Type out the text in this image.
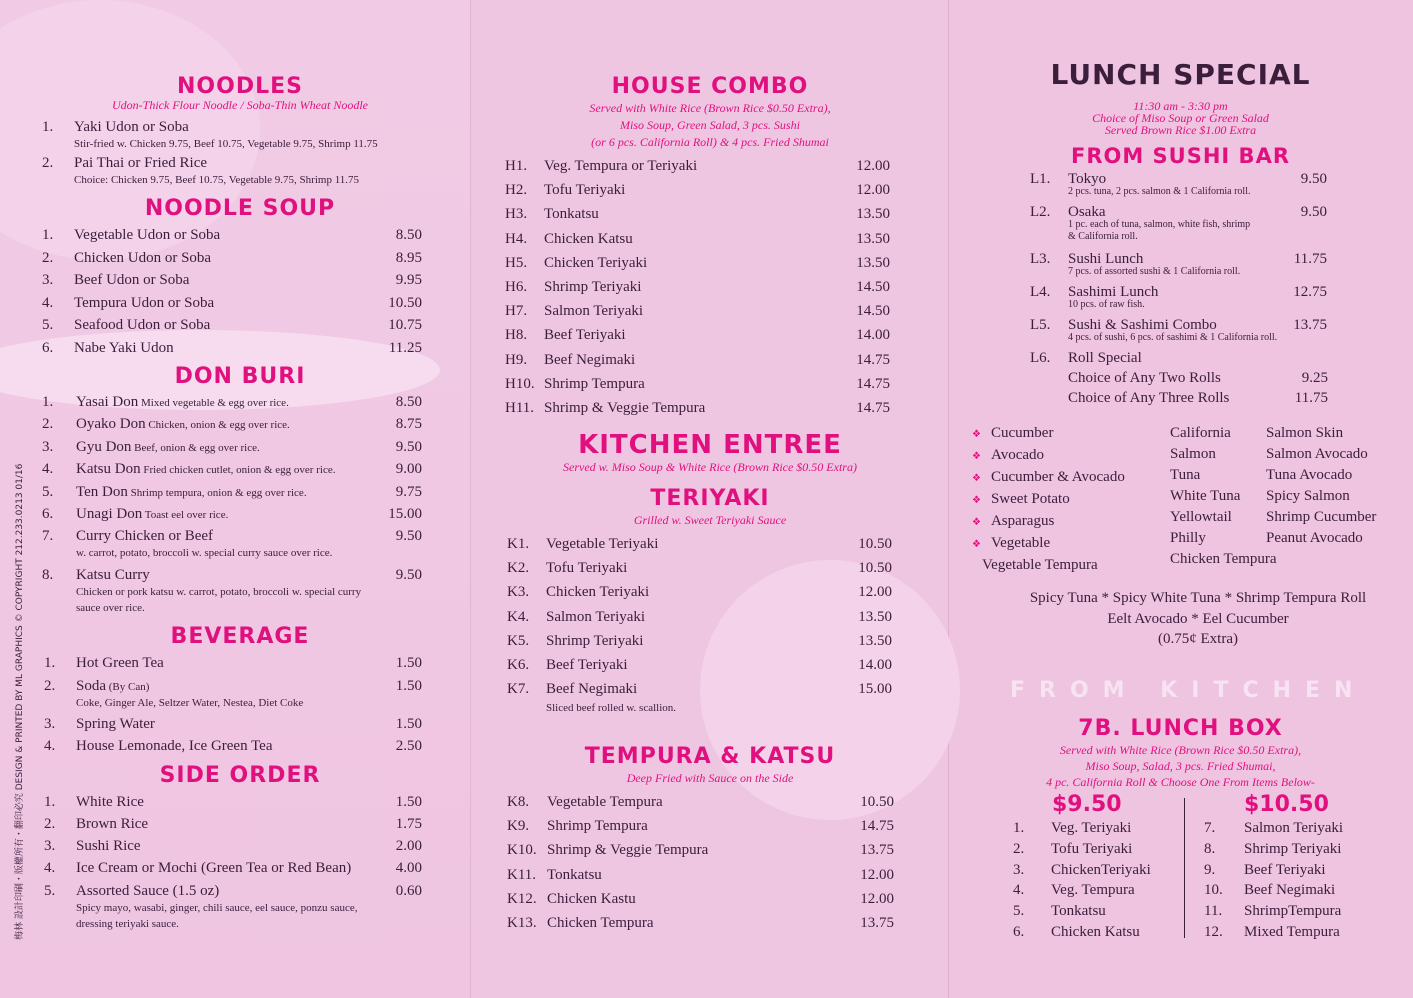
梅林 設計印刷・版權所有・翻印必究 DESIGN & PRINTED BY ML GRAPHICS © COPYRIGHT 212.233.0213 01/16
NOODLES
Udon-Thick Flour Noodle / Soba-Thin Wheat Noodle
1. Yaki Udon or Soba
Stir-fried w. Chicken 9.75, Beef 10.75, Vegetable 9.75, Shrimp 11.75
2. Pai Thai or Fried Rice
Choice: Chicken 9.75, Beef 10.75, Vegetable 9.75, Shrimp 11.75
NOODLE SOUP
1. Vegetable Udon or Soba	8.50
2. Chicken Udon or Soba	8.95
3. Beef Udon or Soba	9.95
4. Tempura Udon or Soba	10.50
5. Seafood Udon or Soba	10.75
6. Nabe Yaki Udon	11.25
DON BURI
1. Yasai Don Mixed vegetable & egg over rice.	8.50
2. Oyako Don Chicken, onion & egg over rice.	8.75
3. Gyu Don Beef, onion & egg over rice.	9.50
4. Katsu Don Fried chicken cutlet, onion & egg over rice.	9.00
5. Ten Don Shrimp tempura, onion & egg over rice.	9.75
6. Unagi Don Toast eel over rice.	15.00
7. Curry Chicken or Beef	9.50
8. Katsu Curry	9.50
w. carrot, potato, broccoli w. special curry sauce over rice.
Chicken or pork katsu w. carrot, potato, broccoli w. special curry
sauce over rice.
BEVERAGE
1. Hot Green Tea	1.50
2. Soda (By Can)	1.50
3. Spring Water	1.50
4. House Lemonade, Ice Green Tea	2.50
Coke, Ginger Ale, Seltzer Water, Nestea, Diet Coke
SIDE ORDER
1. White Rice	1.50
2. Brown Rice	1.75
3. Sushi Rice	2.00
4. Ice Cream or Mochi (Green Tea or Red Bean)	4.00
5. Assorted Sauce (1.5 oz)	0.60
Spicy mayo, wasabi, ginger, chili sauce, eel sauce, ponzu sauce,
dressing teriyaki sauce.
HOUSE COMBO
Served with White Rice (Brown Rice $0.50 Extra),
Miso Soup, Green Salad, 3 pcs. Sushi
(or 6 pcs. California Roll) & 4 pcs. Fried Shumai
H1. Veg. Tempura or Teriyaki	12.00
H2. Tofu Teriyaki	12.00
H3. Tonkatsu	13.50
H4. Chicken Katsu	13.50
H5. Chicken Teriyaki	13.50
H6. Shrimp Teriyaki	14.50
H7. Salmon Teriyaki	14.50
H8. Beef Teriyaki	14.00
H9. Beef Negimaki	14.75
H10. Shrimp Tempura	14.75
H11. Shrimp & Veggie Tempura	14.75
KITCHEN ENTREE
Served w. Miso Soup & White Rice (Brown Rice $0.50 Extra)
TERIYAKI
Grilled w. Sweet Teriyaki Sauce
K1. Vegetable Teriyaki	10.50
K2. Tofu Teriyaki	10.50
K3. Chicken Teriyaki	12.00
K4. Salmon Teriyaki	13.50
K5. Shrimp Teriyaki	13.50
K6. Beef Teriyaki	14.00
K7. Beef Negimaki	15.00
Sliced beef rolled w. scallion.
TEMPURA & KATSU
Deep Fried with Sauce on the Side
K8. Vegetable Tempura	10.50
K9. Shrimp Tempura	14.75
K10. Shrimp & Veggie Tempura	13.75
K11. Tonkatsu	12.00
K12. Chicken Kastu	12.00
K13. Chicken Tempura	13.75
LUNCH SPECIAL
11:30 am - 3:30 pm
Choice of Miso Soup or Green Salad
Served Brown Rice $1.00 Extra
FROM SUSHI BAR
L1. Tokyo	9.50
2 pcs. tuna, 2 pcs. salmon & 1 California roll.
L2. Osaka	9.50
1 pc. each of tuna, salmon, white fish, shrimp
& California roll.
L3. Sushi Lunch	11.75
7 pcs. of assorted sushi & 1 California roll.
L4. Sashimi Lunch	12.75
10 pcs. of raw fish.
L5. Sushi & Sashimi Combo	13.75
4 pcs. of sushi, 6 pcs. of sashimi & 1 California roll.
L6. Roll Special
Choice of Any Two Rolls	9.25
Choice of Any Three Rolls	11.75
❖ Cucumber
❖ Avocado
❖ Cucumber & Avocado
❖ Sweet Potato
❖ Asparagus
❖ Vegetable
Vegetable Tempura
California
Salmon
Tuna
White Tuna
Yellowtail
Philly
Chicken Tempura
Salmon Skin
Salmon Avocado
Tuna Avocado
Spicy Salmon
Shrimp Cucumber
Peanut Avocado
Spicy Tuna * Spicy White Tuna * Shrimp Tempura Roll
Eelt Avocado * Eel Cucumber
(0.75¢ Extra)
FROM KITCHEN
7B. LUNCH BOX
Served with White Rice (Brown Rice $0.50 Extra),
Miso Soup, Salad, 3 pcs. Fried Shumai,
4 pc. California Roll & Choose One From Items Below-
$9.50	$10.50
1. Veg. Teriyaki
2. Tofu Teriyaki
3. ChickenTeriyaki
4. Veg. Tempura
5. Tonkatsu
6. Chicken Katsu
7. Salmon Teriyaki
8. Shrimp Teriyaki
9. Beef Teriyaki
10. Beef Negimaki
11. ShrimpTempura
12. Mixed Tempura
